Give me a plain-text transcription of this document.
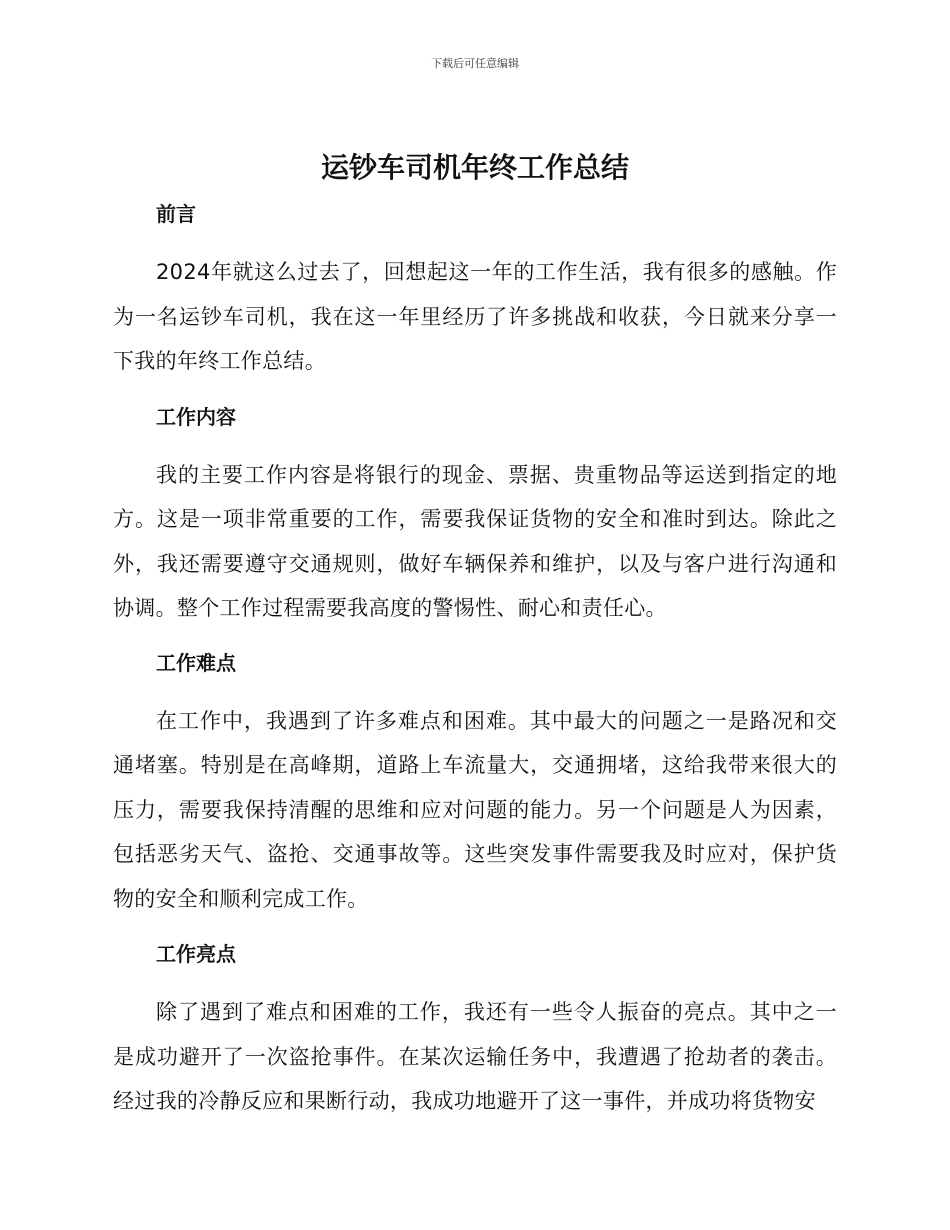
下载后可任意编辑
运钞车司机年终工作总结

前言

2024年就这么过去了，回想起这一年的工作生活，我有很多的感触。作为一名运钞车司机，我在这一年里经历了许多挑战和收获，今日就来分享一下我的年终工作总结。

工作内容

我的主要工作内容是将银行的现金、票据、贵重物品等运送到指定的地方。这是一项非常重要的工作，需要我保证货物的安全和准时到达。除此之外，我还需要遵守交通规则，做好车辆保养和维护，以及与客户进行沟通和协调。整个工作过程需要我高度的警惕性、耐心和责任心。

工作难点

在工作中，我遇到了许多难点和困难。其中最大的问题之一是路况和交通堵塞。特别是在高峰期，道路上车流量大，交通拥堵，这给我带来很大的压力，需要我保持清醒的思维和应对问题的能力。另一个问题是人为因素，包括恶劣天气、盗抢、交通事故等。这些突发事件需要我及时应对，保护货物的安全和顺利完成工作。

工作亮点

除了遇到了难点和困难的工作，我还有一些令人振奋的亮点。其中之一是成功避开了一次盗抢事件。在某次运输任务中，我遭遇了抢劫者的袭击。经过我的冷静反应和果断行动，我成功地避开了这一事件，并成功将货物安
